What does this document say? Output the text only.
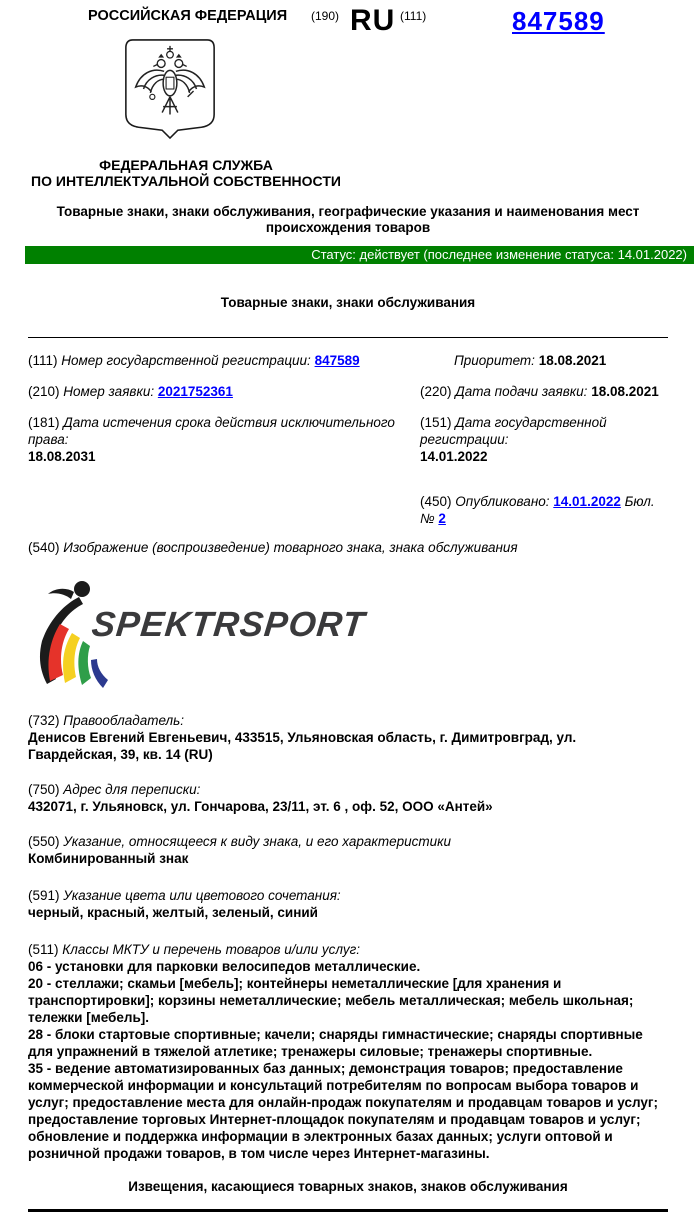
РОССИЙСКАЯ ФЕДЕРАЦИЯ (190) RU (111)	847589
ФЕДЕРАЛЬНАЯ СЛУЖБА
ПО ИНТЕЛЛЕКТУАЛЬНОЙ СОБСТВЕННОСТИ
Товарные знаки, знаки обслуживания, географические указания и наименования мест происхождения товаров
Статус: действует (последнее изменение статуса: 14.01.2022)
Товарные знаки, знаки обслуживания
(111) Номер государственной регистрации: 847589	Приоритет: 18.08.2021
(210) Номер заявки: 2021752361	(220) Дата подачи заявки: 18.08.2021
(181) Дата истечения срока действия исключительного права:
18.08.2031
(151) Дата государственной регистрации:
14.01.2022
(450) Опубликовано: 14.01.2022 Бюл. № 2
(540) Изображение (воспроизведение) товарного знака, знака обслуживания
SPEKTRSPORT
(732) Правообладатель:
Денисов Евгений Евгеньевич, 433515, Ульяновская область, г. Димитровград, ул. Гвардейская, 39, кв. 14 (RU)
(750) Адрес для переписки:
432071, г. Ульяновск, ул. Гончарова, 23/11, эт. 6 , оф. 52, ООО «Антей»
(550) Указание, относящееся к виду знака, и его характеристики
Комбинированный знак
(591) Указание цвета или цветового сочетания:
черный, красный, желтый, зеленый, синий
(511) Классы МКТУ и перечень товаров и/или услуг:

06 - установки для парковки велосипедов металлические.

20 - стеллажи; скамьи [мебель]; контейнеры неметаллические [для хранения и транспортировки]; корзины неметаллические; мебель металлическая; мебель школьная; тележки [мебель].

28 - блоки стартовые спортивные; качели; снаряды гимнастические; снаряды спортивные для упражнений в тяжелой атлетике; тренажеры силовые; тренажеры спортивные.

35 - ведение автоматизированных баз данных; демонстрация товаров; предоставление коммерческой информации и консультаций потребителям по вопросам выбора товаров и услуг; предоставление места для онлайн-продаж покупателям и продавцам товаров и услуг; предоставление торговых Интернет-площадок покупателям и продавцам товаров и услуг; обновление и поддержка информации в электронных базах данных; услуги оптовой и розничной продажи товаров, в том числе через Интернет-магазины.

Извещения, касающиеся товарных знаков, знаков обслуживания
